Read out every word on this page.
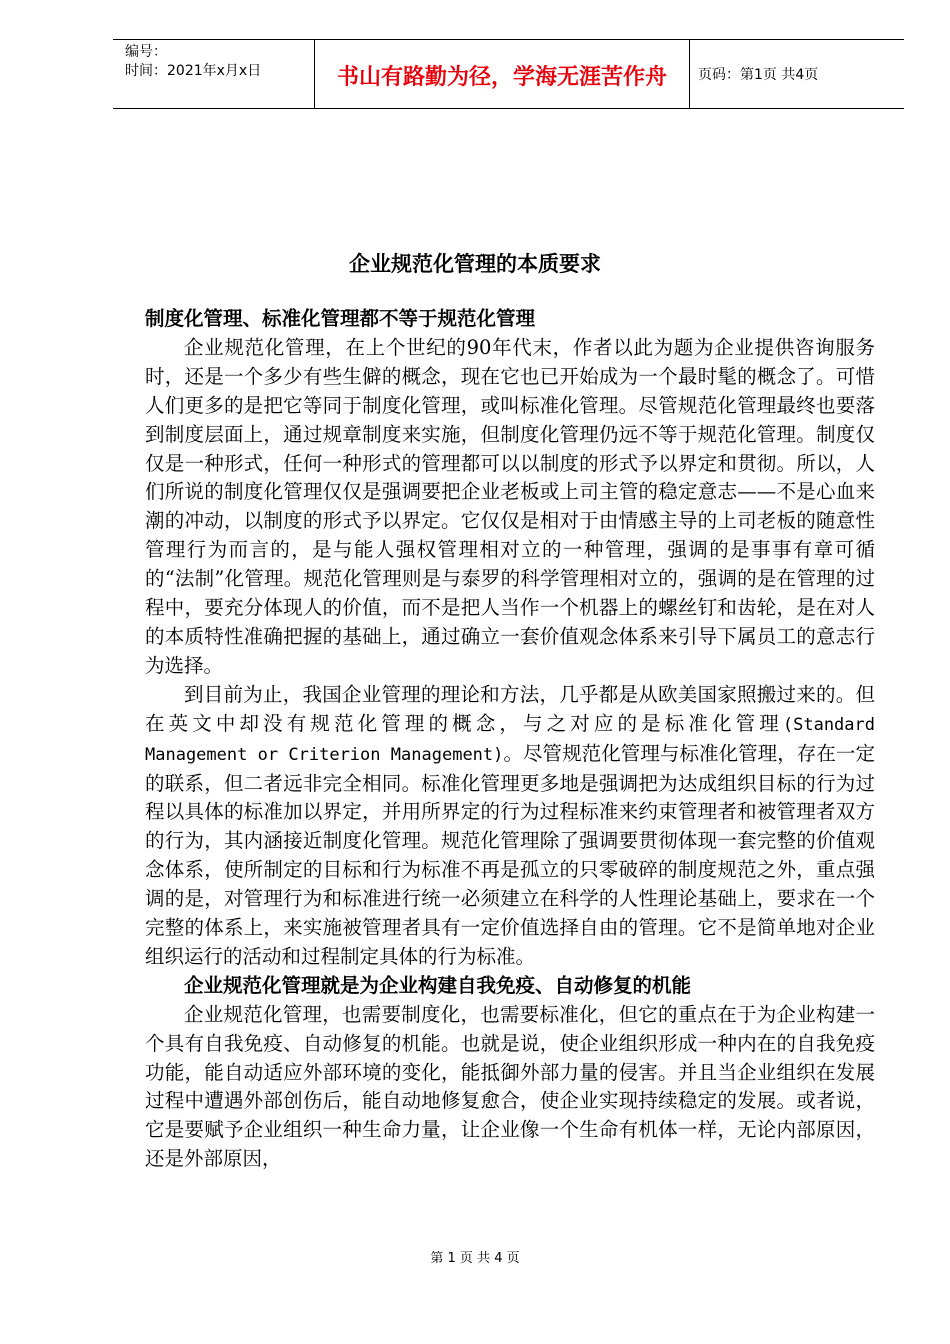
编号：
时间：2021年x月x日	书山有路勤为径，学海无涯苦作舟	页码：第1页 共4页
企业规范化管理的本质要求

制度化管理、标准化管理都不等于规范化管理

企业规范化管理，在上个世纪的90年代末，作者以此为题为企业提供咨询服务时，还是一个多少有些生僻的概念，现在它也已开始成为一个最时髦的概念了。可惜人们更多的是把它等同于制度化管理，或叫标准化管理。尽管规范化管理最终也要落到制度层面上，通过规章制度来实施，但制度化管理仍远不等于规范化管理。制度仅仅是一种形式，任何一种形式的管理都可以以制度的形式予以界定和贯彻。所以，人们所说的制度化管理仅仅是强调要把企业老板或上司主管的稳定意志——不是心血来潮的冲动，以制度的形式予以界定。它仅仅是相对于由情感主导的上司老板的随意性管理行为而言的，是与能人强权管理相对立的一种管理，强调的是事事有章可循的“法制”化管理。规范化管理则是与泰罗的科学管理相对立的，强调的是在管理的过程中，要充分体现人的价值，而不是把人当作一个机器上的螺丝钉和齿轮，是在对人的本质特性准确把握的基础上，通过确立一套价值观念体系来引导下属员工的意志行为选择。

到目前为止，我国企业管理的理论和方法，几乎都是从欧美国家照搬过来的。但在英文中却没有规范化管理的概念，与之对应的是标准化管理(Standard Management or Criterion Management)。尽管规范化管理与标准化管理，存在一定的联系，但二者远非完全相同。标准化管理更多地是强调把为达成组织目标的行为过程以具体的标准加以界定，并用所界定的行为过程标准来约束管理者和被管理者双方的行为，其内涵接近制度化管理。规范化管理除了强调要贯彻体现一套完整的价值观念体系，使所制定的目标和行为标准不再是孤立的只零破碎的制度规范之外，重点强调的是，对管理行为和标准进行统一必须建立在科学的人性理论基础上，要求在一个完整的体系上，来实施被管理者具有一定价值选择自由的管理。它不是简单地对企业组织运行的活动和过程制定具体的行为标准。

企业规范化管理就是为企业构建自我免疫、自动修复的机能

企业规范化管理，也需要制度化，也需要标准化，但它的重点在于为企业构建一个具有自我免疫、自动修复的机能。也就是说，使企业组织形成一种内在的自我免疫功能，能自动适应外部环境的变化，能抵御外部力量的侵害。并且当企业组织在发展过程中遭遇外部创伤后，能自动地修复愈合，使企业实现持续稳定的发展。或者说，它是要赋予企业组织一种生命力量，让企业像一个生命有机体一样，无论内部原因，还是外部原因，

第 1 页 共 4 页
